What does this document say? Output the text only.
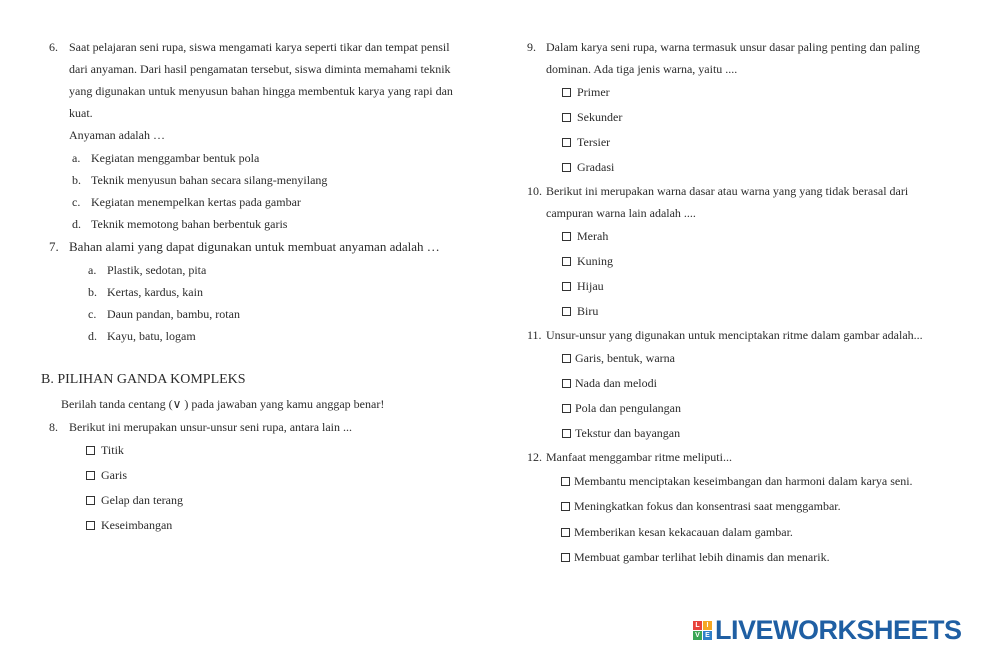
6. Saat pelajaran seni rupa, siswa mengamati karya seperti tikar dan tempat pensil
dari anyaman. Dari hasil pengamatan tersebut, siswa diminta memahami teknik
yang digunakan untuk menyusun bahan hingga membentuk karya yang rapi dan
kuat.
Anyaman adalah …
a. Kegiatan menggambar bentuk pola
b. Teknik menyusun bahan secara silang-menyilang
c. Kegiatan menempelkan kertas pada gambar
d. Teknik memotong bahan berbentuk garis
7. Bahan alami yang dapat digunakan untuk membuat anyaman adalah …
a. Plastik, sedotan, pita
b. Kertas, kardus, kain
c. Daun pandan, bambu, rotan
d. Kayu, batu, logam
B. PILIHAN GANDA KOMPLEKS
Berilah tanda centang (∨ ) pada jawaban yang kamu anggap benar!
8. Berikut ini merupakan unsur-unsur seni rupa, antara lain ...
Titik
Garis
Gelap dan terang
Keseimbangan
9. Dalam karya seni rupa, warna termasuk unsur dasar paling penting dan paling
dominan. Ada tiga jenis warna, yaitu ....
Primer
Sekunder
Tersier
Gradasi
10. Berikut ini merupakan warna dasar atau warna yang yang tidak berasal dari
campuran warna lain adalah ....
Merah
Kuning
Hijau
Biru
11. Unsur-unsur yang digunakan untuk menciptakan ritme dalam gambar adalah...
Garis, bentuk, warna
Nada dan melodi
Pola dan pengulangan
Tekstur dan bayangan
12. Manfaat menggambar ritme meliputi...
Membantu menciptakan keseimbangan dan harmoni dalam karya seni.
Meningkatkan fokus dan konsentrasi saat menggambar.
Memberikan kesan kekacauan dalam gambar.
Membuat gambar terlihat lebih dinamis dan menarik.
L I
V E LIVEWORKSHEETS
